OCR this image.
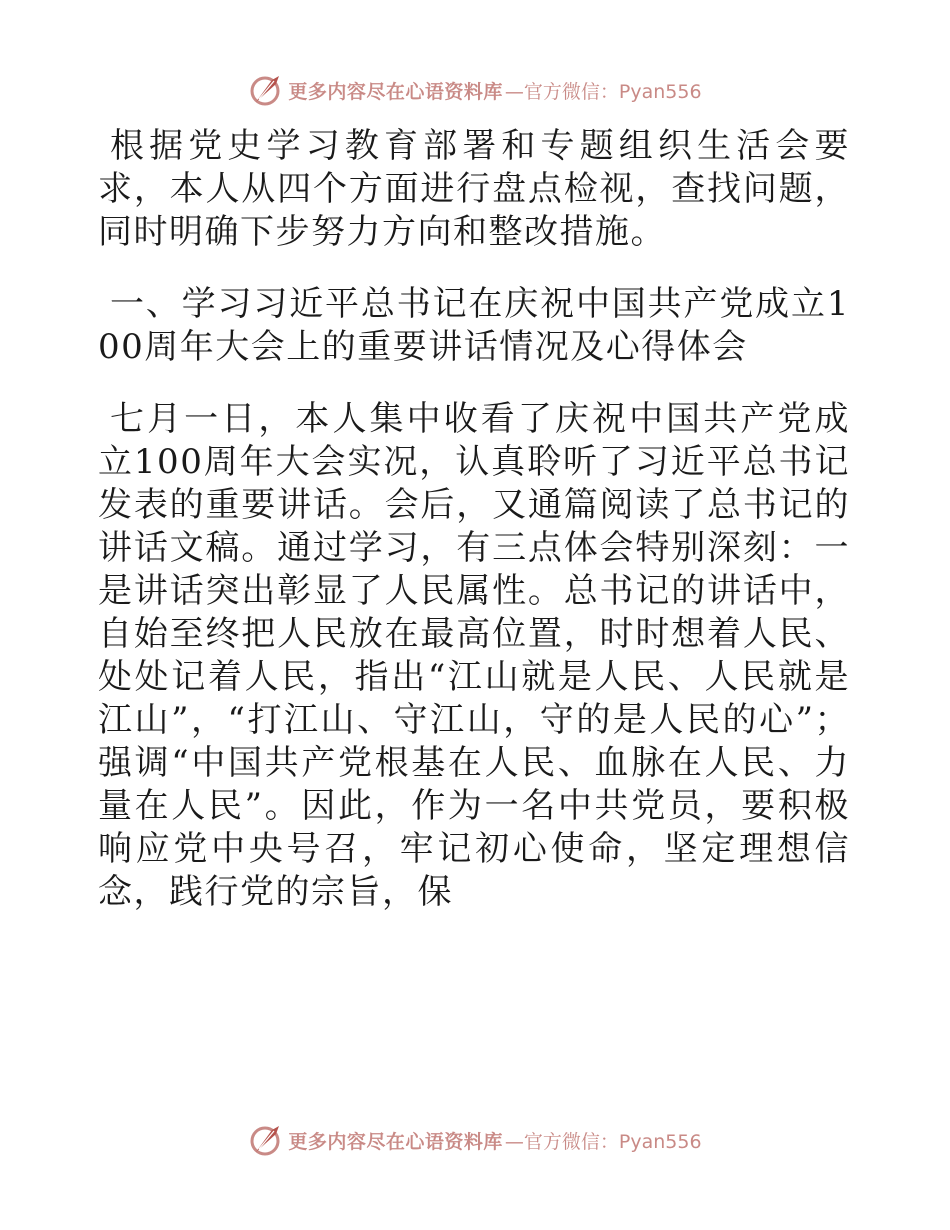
更多内容尽在心语资料库 —官方微信：Pyan556

根据党史学习教育部署和专题组织生活会要求，本人从四个方面进行盘点检视，查找问题，同时明确下步努力方向和整改措施。

一、学习习近平总书记在庆祝中国共产党成立100周年大会上的重要讲话情况及心得体会

七月一日，本人集中收看了庆祝中国共产党成立100周年大会实况，认真聆听了习近平总书记发表的重要讲话。会后，又通篇阅读了总书记的讲话文稿。通过学习，有三点体会特别深刻：一是讲话突出彰显了人民属性。总书记的讲话中，自始至终把人民放在最高位置，时时想着人民、处处记着人民，指出“江山就是人民、人民就是江山”，“打江山、守江山，守的是人民的心”；强调“中国共产党根基在人民、血脉在人民、力量在人民”。因此，作为一名中共党员，要积极响应党中央号召，牢记初心使命，坚定理想信念，践行党的宗旨，保

更多内容尽在心语资料库 —官方微信：Pyan556
